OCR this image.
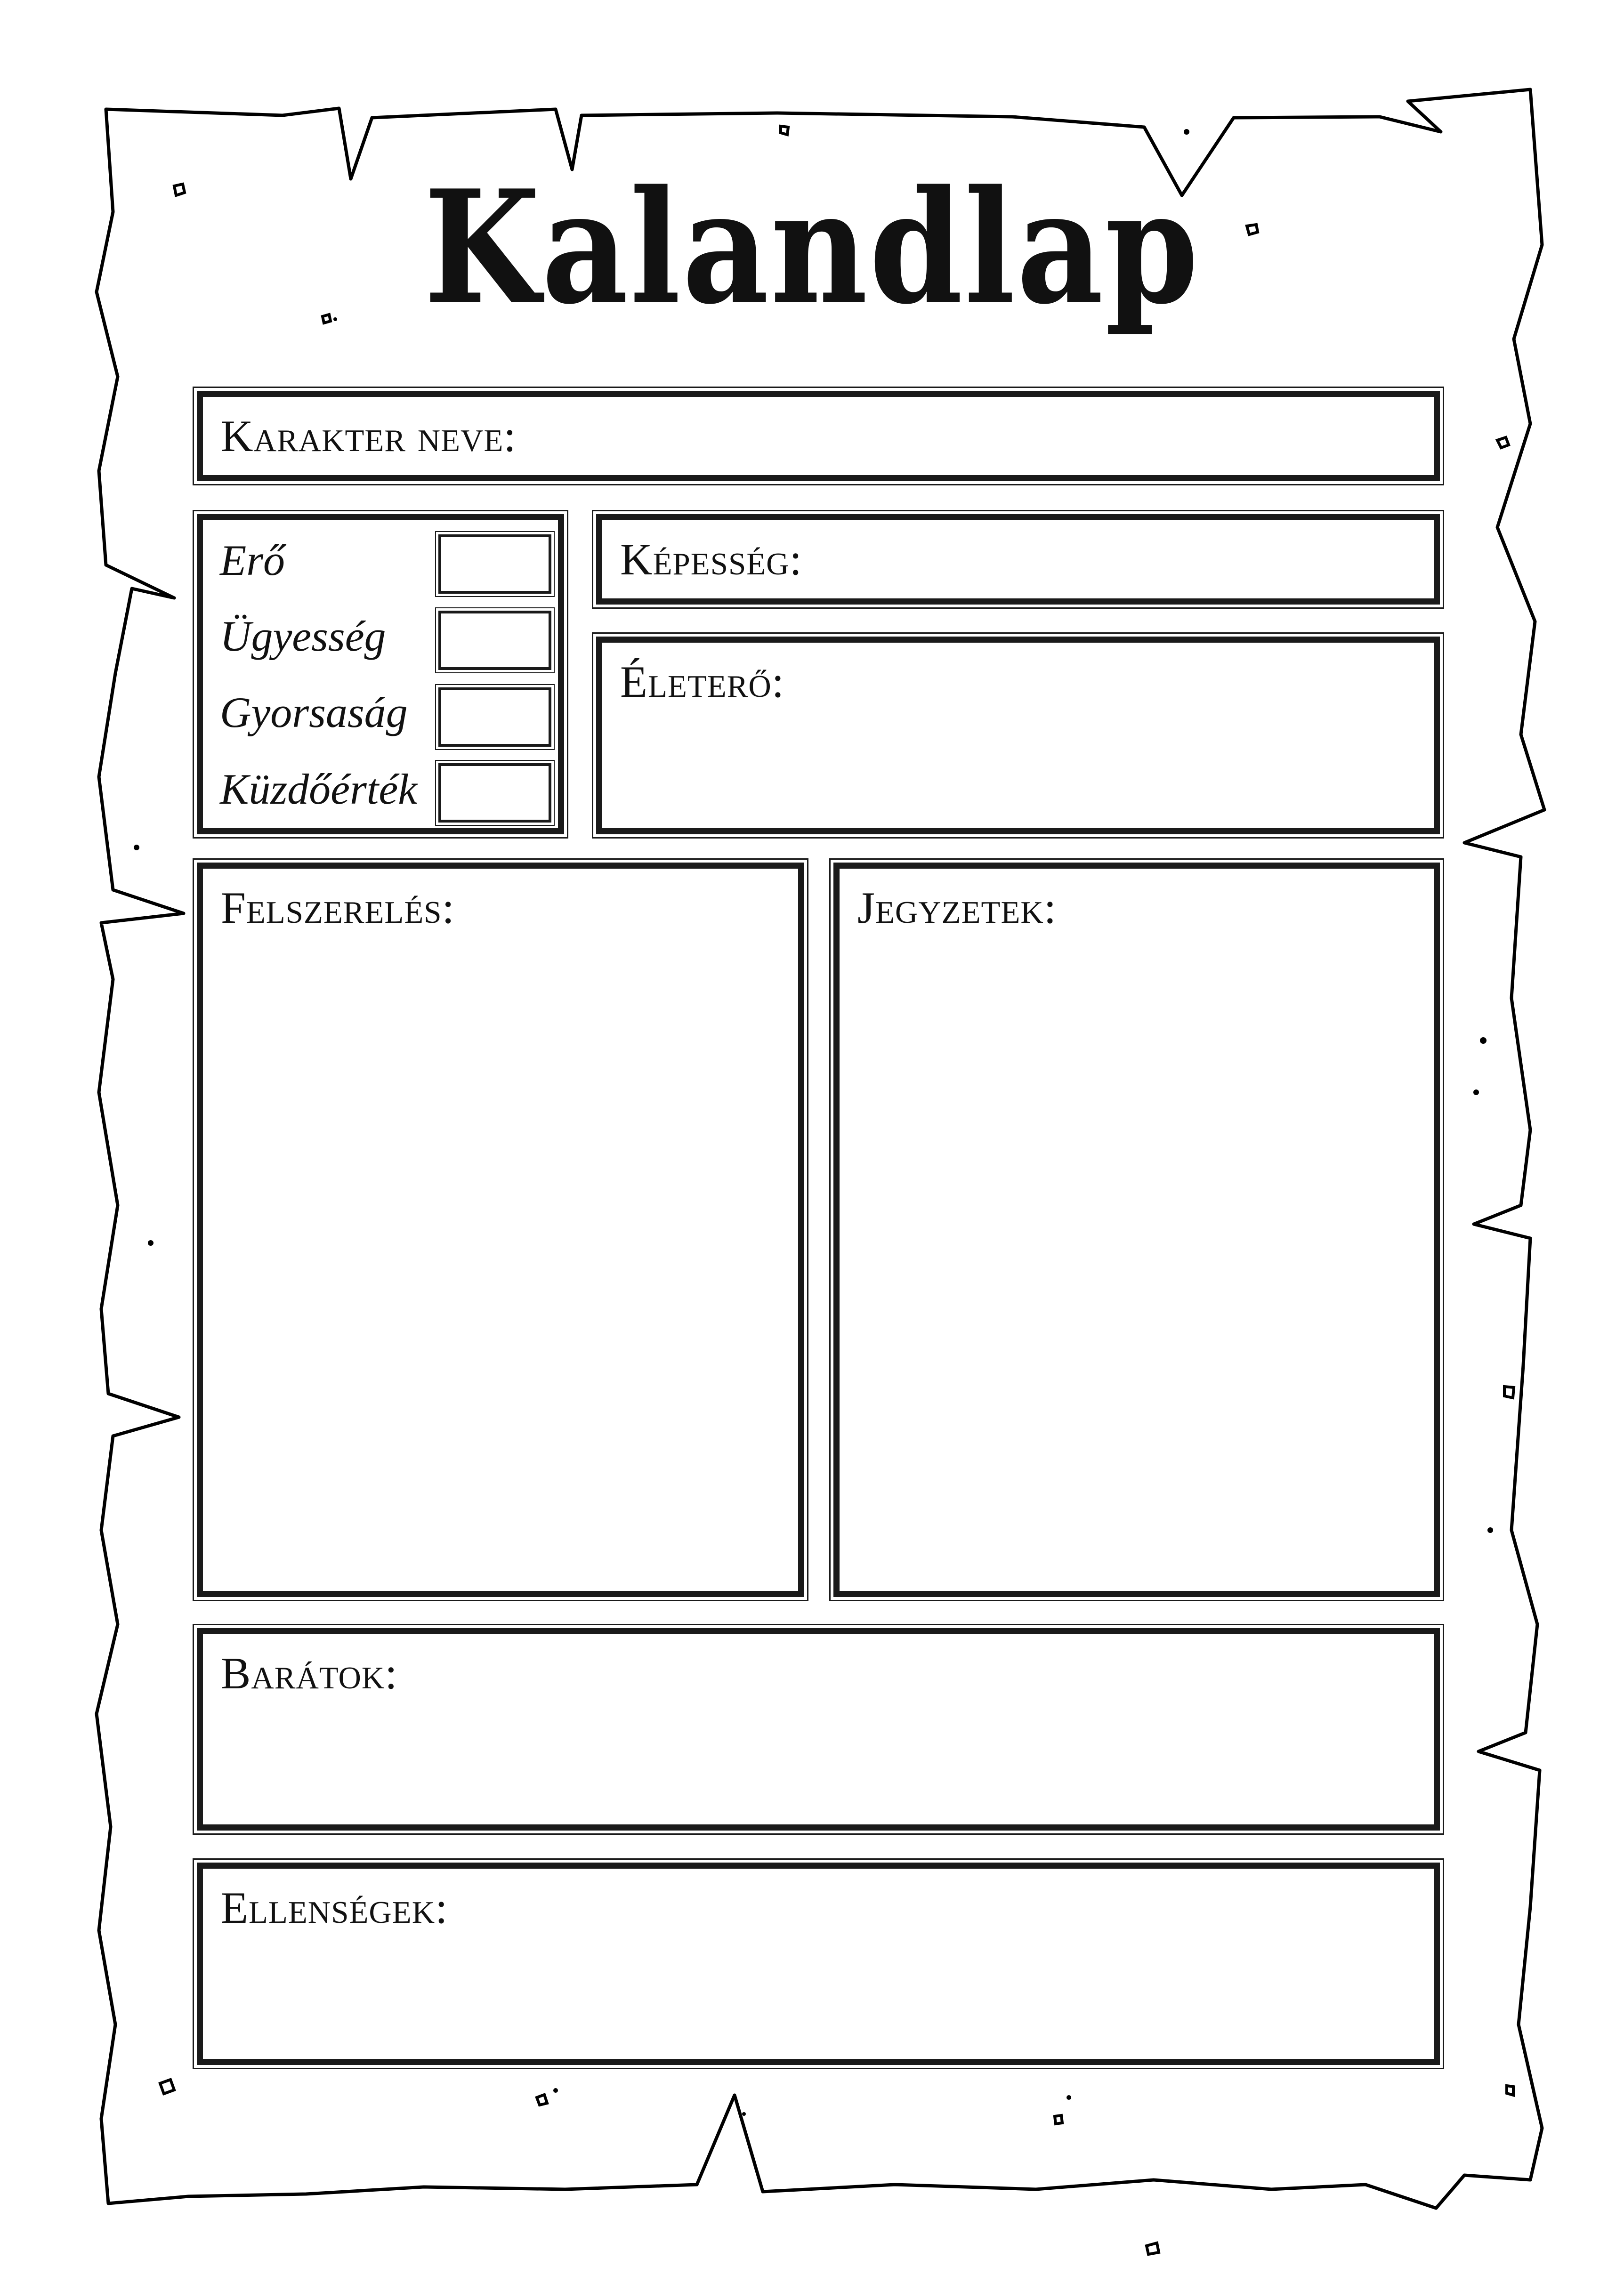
Kalandlap
Karakter neve:
Erő
Ügyesség
Gyorsaság
Küzdőérték
Képesség:
Életerő:
Felszerelés:	Jegyzetek:
Barátok:
Ellenségek:
